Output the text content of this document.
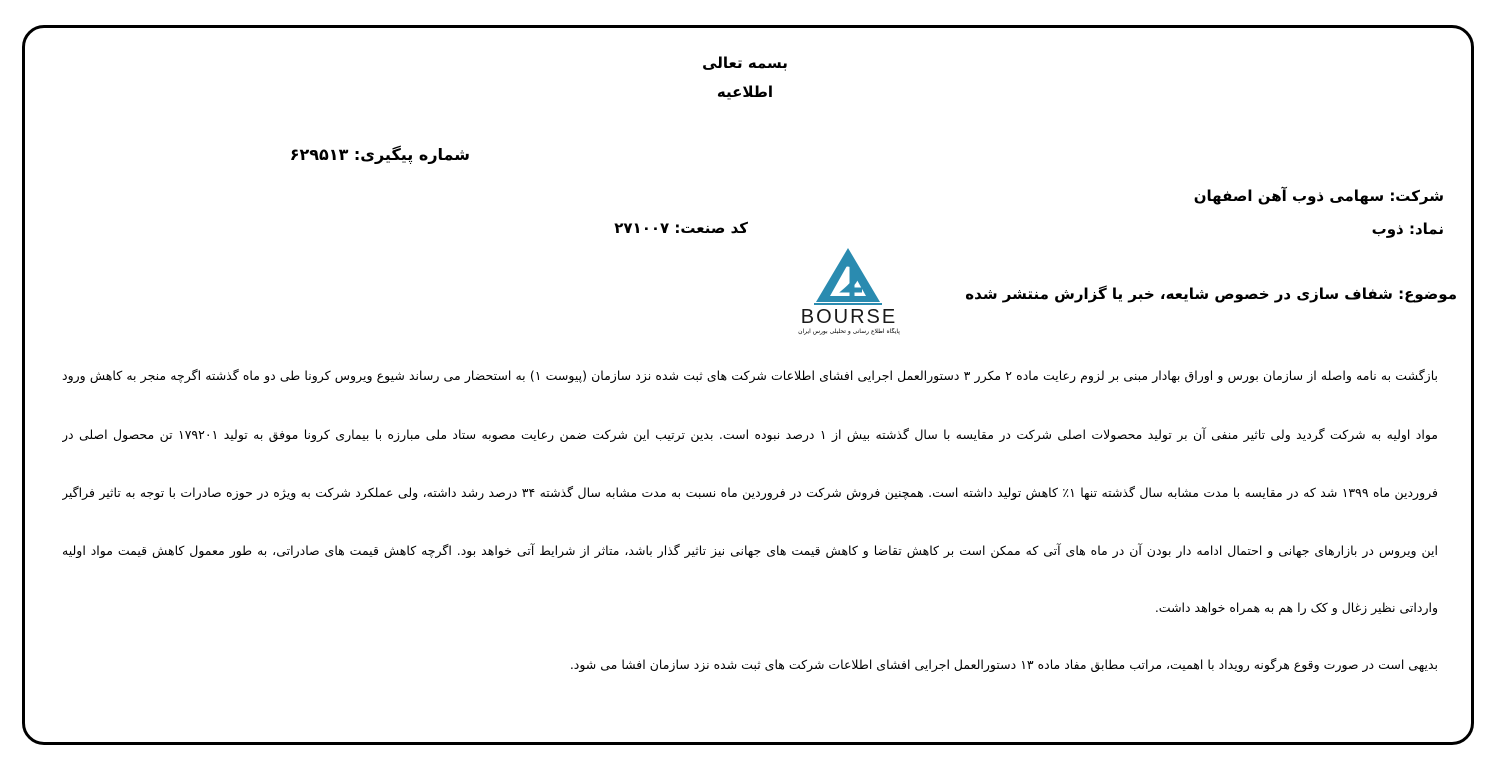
بسمه تعالی
اطلاعیه
شماره پیگیری: ۶۲۹۵۱۳
شرکت: سهامی ذوب آهن اصفهان
نماد: ذوب
کد صنعت: ۲۷۱۰۰۷
موضوع: شفاف سازی در خصوص شایعه، خبر یا گزارش منتشر شده
BOURSE
پایگاه اطلاع رسانی و تحلیلی بورس ایران
بازگشت به نامه واصله از سازمان بورس و اوراق بهادار مبنی بر لزوم رعایت ماده ۲ مکرر ۳ دستورالعمل اجرایی افشای اطلاعات شرکت های ثبت شده نزد سازمان (پیوست ۱) به استحضار می رساند شیوع ویروس کرونا طی دو ماه گذشته اگرچه منجر به کاهش ورود
مواد اولیه به شرکت گردید ولی تاثیر منفی آن بر تولید محصولات اصلی شرکت در مقایسه با سال گذشته بیش از ۱ درصد نبوده است. بدین ترتیب این شرکت ضمن رعایت مصوبه ستاد ملی مبارزه با بیماری کرونا موفق به تولید ۱۷۹۲۰۱ تن محصول اصلی در
فروردین ماه ۱۳۹۹ شد که در مقایسه با مدت مشابه سال گذشته تنها ۱٪ کاهش تولید داشته است. همچنین فروش شرکت در فروردین ماه نسبت به مدت مشابه سال گذشته ۳۴ درصد رشد داشته، ولی عملکرد شرکت به ویژه در حوزه صادرات با توجه به تاثیر فراگیر
این ویروس در بازارهای جهانی و احتمال ادامه دار بودن آن در ماه های آتی که ممکن است بر کاهش تقاضا و کاهش قیمت های جهانی نیز تاثیر گذار باشد، متاثر از شرایط آتی خواهد بود. اگرچه کاهش قیمت های صادراتی، به طور معمول کاهش قیمت مواد اولیه
وارداتی نظیر زغال و کک را هم به همراه خواهد داشت.
بدیهی است در صورت وقوع هرگونه رویداد با اهمیت، مراتب مطابق مفاد ماده ۱۳ دستورالعمل اجرایی افشای اطلاعات شرکت های ثبت شده نزد سازمان افشا می شود.
